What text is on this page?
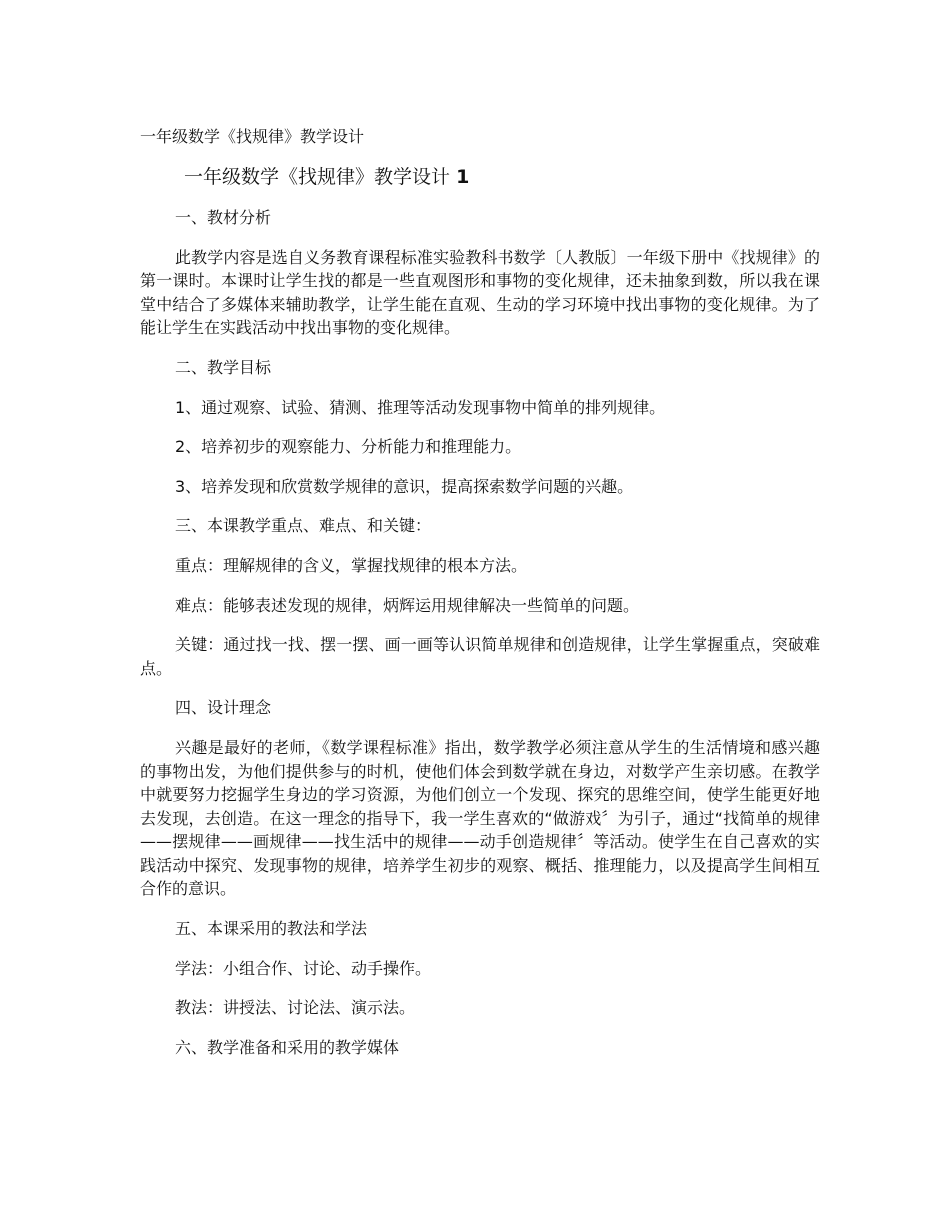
一年级数学《找规律》教学设计
一年级数学《找规律》教学设计 1

一、教材分析

此教学内容是选自义务教育课程标准实验教科书数学〔人教版〕一年级下册中《找规律》的第一课时。本课时让学生找的都是一些直观图形和事物的变化规律，还未抽象到数，所以我在课堂中结合了多媒体来辅助教学，让学生能在直观、生动的学习环境中找出事物的变化规律。为了能让学生在实践活动中找出事物的变化规律。

二、教学目标

1、通过观察、试验、猜测、推理等活动发现事物中简单的排列规律。

2、培养初步的观察能力、分析能力和推理能力。

3、培养发现和欣赏数学规律的意识，提高探索数学问题的兴趣。

三、本课教学重点、难点、和关键：

重点：理解规律的含义，掌握找规律的根本方法。

难点：能够表述发现的规律，炳辉运用规律解决一些简单的问题。

关键：通过找一找、摆一摆、画一画等认识简单规律和创造规律，让学生掌握重点，突破难点。

四、设计理念

兴趣是最好的老师，《数学课程标准》指出，数学教学必须注意从学生的生活情境和感兴趣的事物出发，为他们提供参与的时机，使他们体会到数学就在身边，对数学产生亲切感。在教学中就要努力挖掘学生身边的学习资源，为他们创立一个发现、探究的思维空间，使学生能更好地去发现，去创造。在这一理念的指导下，我一学生喜欢的“做游戏〞为引子，通过“找简单的规律——摆规律——画规律——找生活中的规律——动手创造规律〞等活动。使学生在自己喜欢的实践活动中探究、发现事物的规律，培养学生初步的观察、概括、推理能力，以及提高学生间相互合作的意识。

五、本课采用的教法和学法

学法：小组合作、讨论、动手操作。

教法：讲授法、讨论法、演示法。

六、教学准备和采用的教学媒体
